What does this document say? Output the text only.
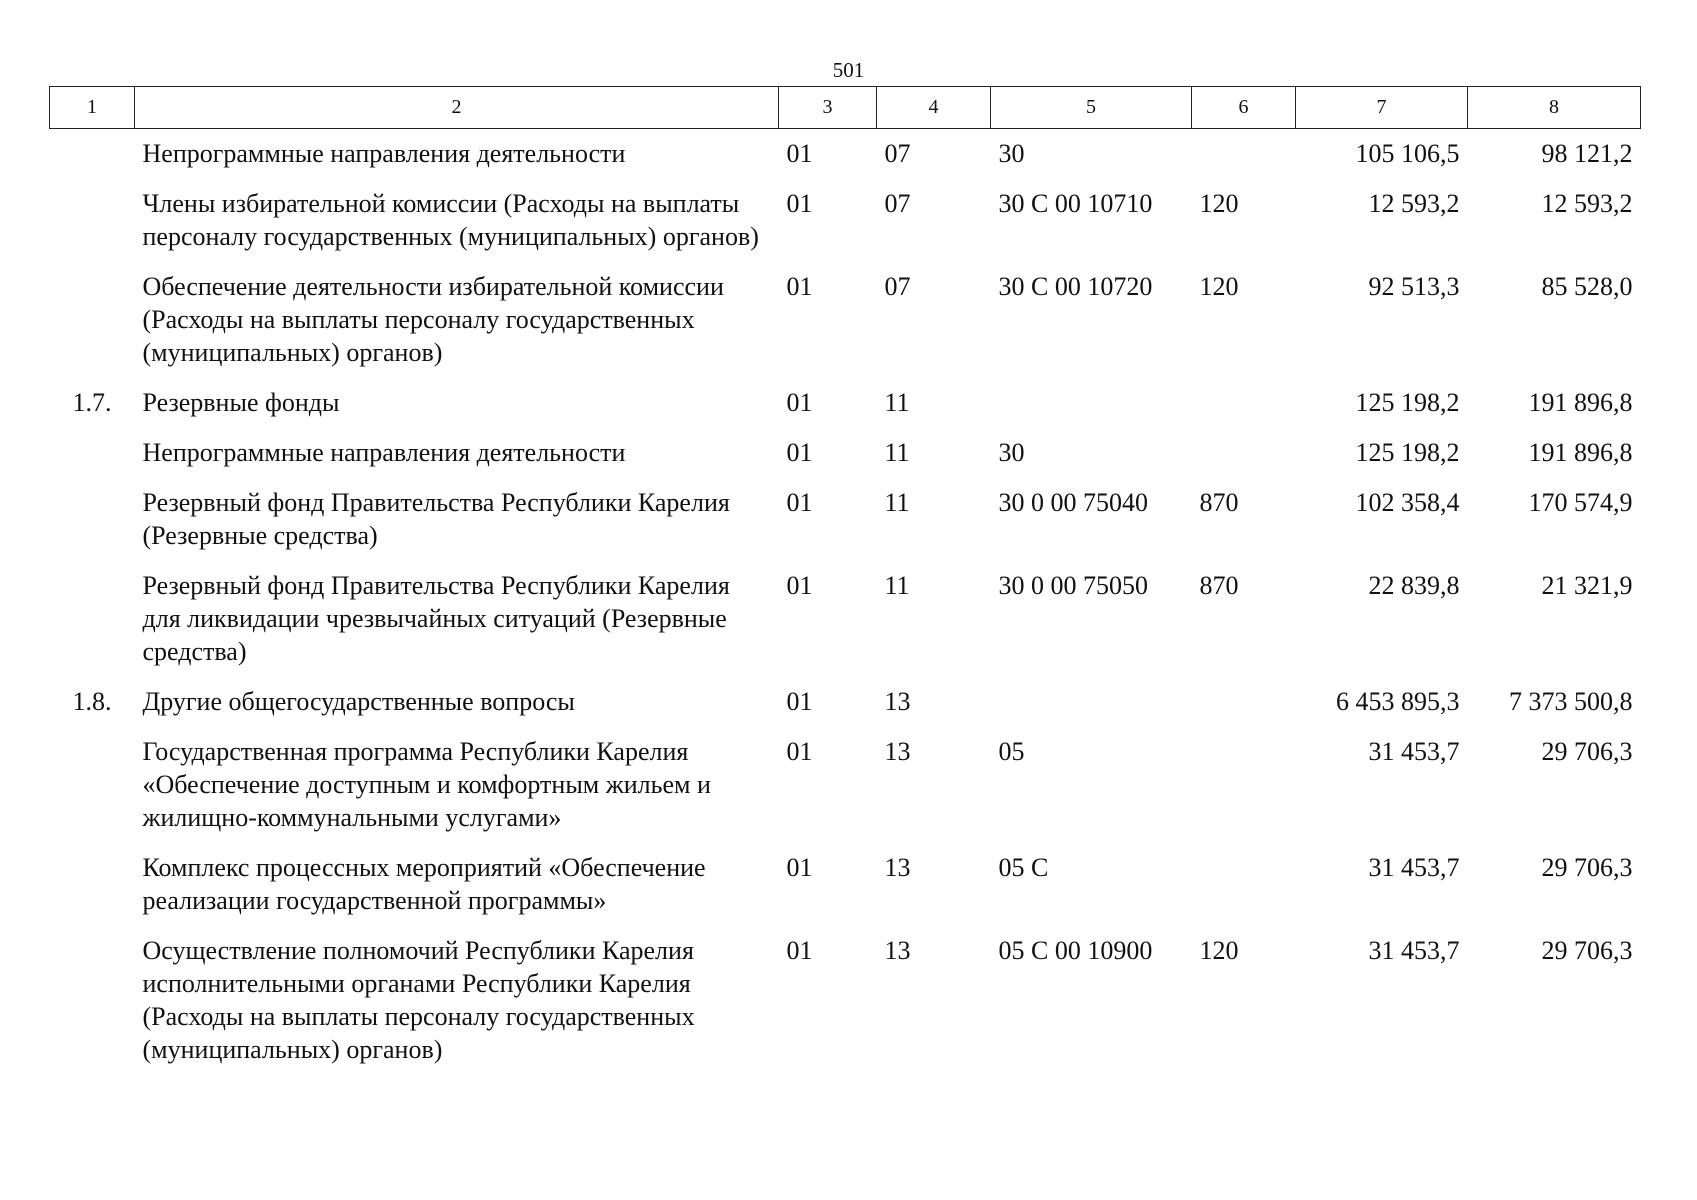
501
1	2	3	4	5	6	7	8
	Непрограммные направления деятельности	01	07	30		105 106,5	98 121,2
	Члены избирательной комиссии (Расходы на выплаты персоналу государственных (муниципальных) органов)	01	07	30 С 00 10710	120	12 593,2	12 593,2
	Обеспечение деятельности избирательной комиссии (Расходы на выплаты персоналу государственных (муниципальных) органов)	01	07	30 С 00 10720	120	92 513,3	85 528,0
1.7.	Резервные фонды	01	11			125 198,2	191 896,8
	Непрограммные направления деятельности	01	11	30		125 198,2	191 896,8
	Резервный фонд Правительства Республики Карелия (Резервные средства)	01	11	30 0 00 75040	870	102 358,4	170 574,9
	Резервный фонд Правительства Республики Карелия для ликвидации чрезвычайных ситуаций (Резервные средства)	01	11	30 0 00 75050	870	22 839,8	21 321,9
1.8.	Другие общегосударственные вопросы	01	13			6 453 895,3	7 373 500,8
	Государственная программа Республики Карелия «Обеспечение доступным и комфортным жильем и жилищно-коммунальными услугами»	01	13	05		31 453,7	29 706,3
	Комплекс процессных мероприятий «Обеспечение реализации государственной программы»	01	13	05 С		31 453,7	29 706,3
	Осуществление полномочий Республики Карелия исполнительными органами Республики Карелия (Расходы на выплаты персоналу государственных (муниципальных) органов)	01	13	05 С 00 10900	120	31 453,7	29 706,3
